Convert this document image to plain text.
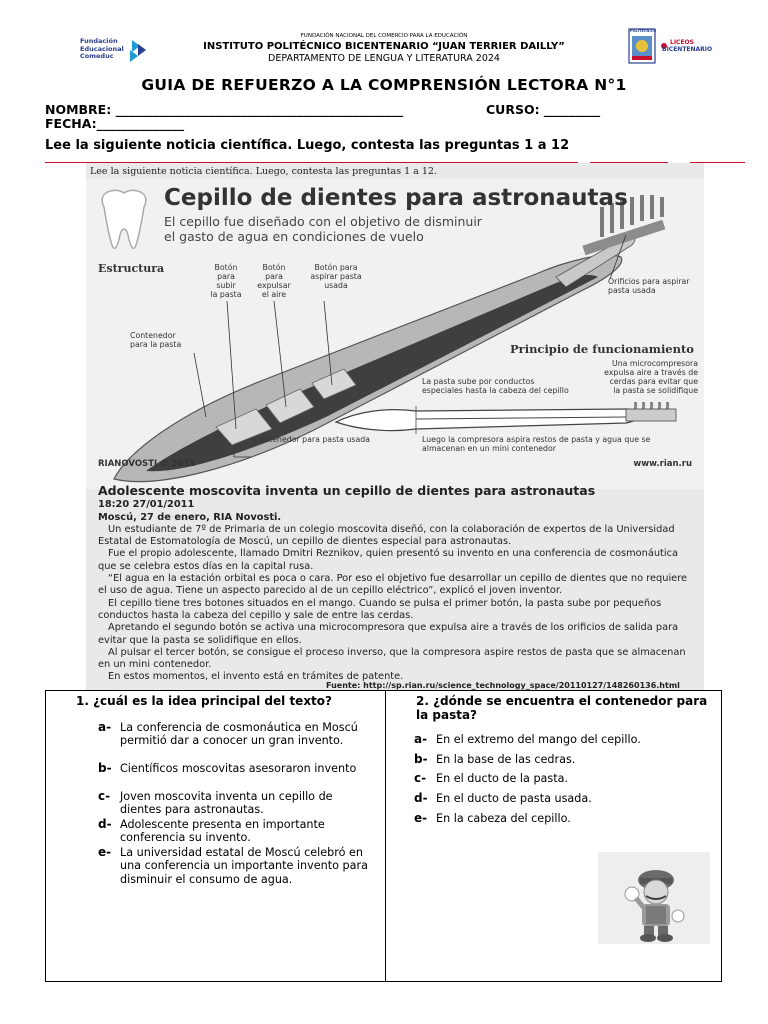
Fundación
Educacional
Comeduc
FUNDACIÓN NACIONAL DEL COMERCIO PARA LA EDUCACIÓN
INSTITUTO POLITÉCNICO BICENTENARIO “JUAN TERRIER DAILLY”
DEPARTAMENTO DE LENGUA Y LITERATURA 2024
POLITÉCNICO
LICEOS
BICENTENARIO
GUIA DE REFUERZO A LA COMPRENSIÓN LECTORA N°1
NOMBRE: ______________________________________________	CURSO: _________
FECHA:______________
Lee la siguiente noticia científica. Luego, contesta las preguntas 1 a 12
Lee la siguiente noticia científica. Luego, contesta las preguntas 1 a 12.
Cepillo de dientes para astronautas
El cepillo fue diseñado con el objetivo de disminuir
el gasto de agua en condiciones de vuelo
Estructura	Botón
para
subir
la pasta
Botón
para
expulsar
el aire
Botón para
aspirar pasta
usada	Orificios para aspirar
pasta usada
Contenedor
para la pasta	Principio de funcionamiento
Una microcompresora
expulsa aire a través de
cerdas para evitar que
la pasta se solidifique
La pasta sube por conductos
especiales hasta la cabeza del cepillo
Contenedor para pasta usada	Luego la compresora aspira restos de pasta y agua que se
almacenan en un mini contenedor
RIANOVOSTI © 2011	www.rian.ru
Adolescente moscovita inventa un cepillo de dientes para astronautas
18:20 27/01/2011
Moscú, 27 de enero, RIA Novosti.

Un estudiante de 7º de Primaria de un colegio moscovita diseñó, con la colaboración de expertos de la Universidad Estatal de Estomatología de Moscú, un cepillo de dientes especial para astronautas.

Fue el propio adolescente, llamado Dmitri Reznikov, quien presentó su invento en una conferencia de cosmonáutica que se celebra estos días en la capital rusa.

“El agua en la estación orbital es poca o cara. Por eso el objetivo fue desarrollar un cepillo de dientes que no requiere el uso de agua. Tiene un aspecto parecido al de un cepillo eléctrico”, explicó el joven inventor.

El cepillo tiene tres botones situados en el mango. Cuando se pulsa el primer botón, la pasta sube por pequeños conductos hasta la cabeza del cepillo y sale de entre las cerdas.

Apretando el segundo botón se activa una microcompresora que expulsa aire a través de los orificios de salida para evitar que la pasta se solidifique en ellos.

Al pulsar el tercer botón, se consigue el proceso inverso, que la compresora aspire restos de pasta que se almacenan en un mini contenedor.

En estos momentos, el invento está en trámites de patente.

Fuente: http://sp.rian.ru/science_technology_space/20110127/148260136.html
1. ¿cuál es la idea principal del texto?
a- La conferencia de cosmonáutica en Moscú permitió dar a conocer un gran invento.
b- Científicos moscovitas asesoraron invento
c- Joven moscovita inventa un cepillo de dientes para astronautas.
d- Adolescente presenta en importante conferencia su invento.
e- La universidad estatal de Moscú celebró en una conferencia un importante invento para disminuir el consumo de agua.
2. ¿dónde se encuentra el contenedor para la pasta?
a- En el extremo del mango del cepillo.
b- En la base de las cedras.
c- En el ducto de la pasta.
d- En el ducto de pasta usada.
e- En la cabeza del cepillo.
